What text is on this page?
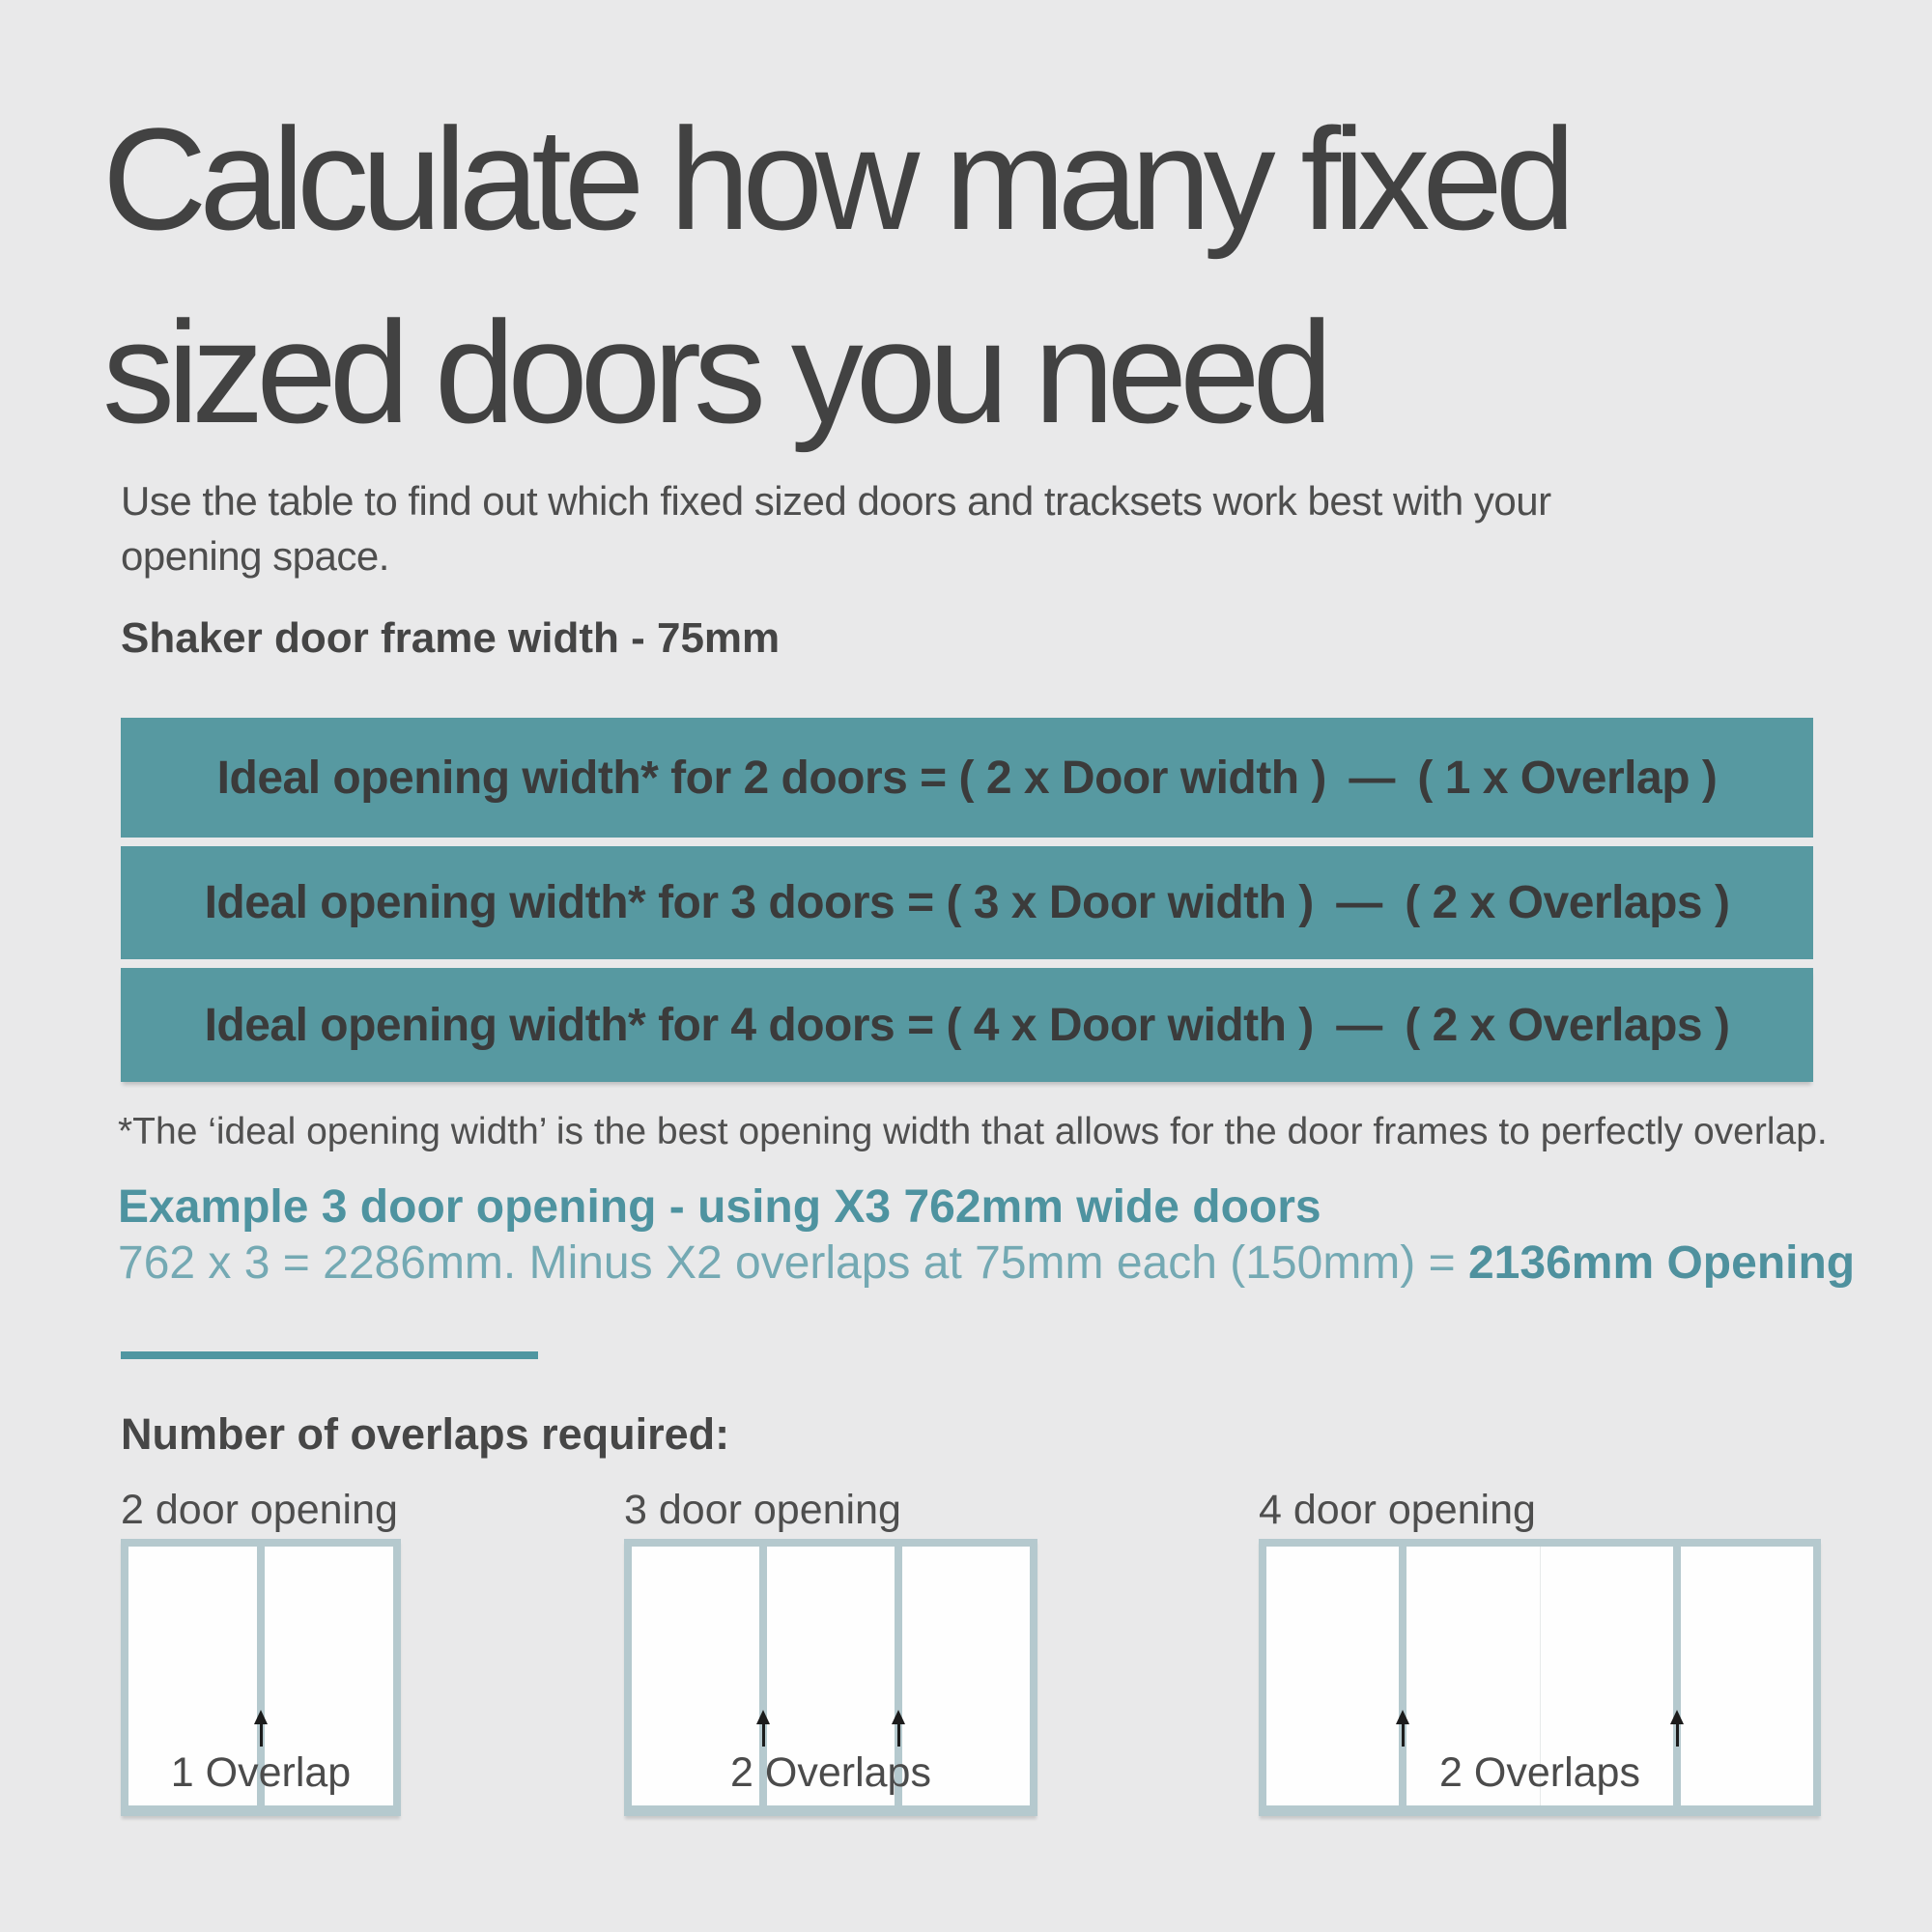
Calculate how many fixed
sized doors you need

Use the table to find out which fixed sized doors and tracksets work best with your
opening space.

Shaker door frame width - 75mm
Ideal opening width* for 2 doors = ( 2 x Door width ) — ( 1 x Overlap )
Ideal opening width* for 3 doors = ( 3 x Door width ) — ( 2 x Overlaps )
Ideal opening width* for 4 doors = ( 4 x Door width ) — ( 2 x Overlaps )

*The ‘ideal opening width’ is the best opening width that allows for the door frames to perfectly overlap.

Example 3 door opening - using X3 762mm wide doors

762 x 3 = 2286mm. Minus X2 overlaps at 75mm each (150mm) = 2136mm Opening

Number of overlaps required:
2 door opening
1 Overlap
3 door opening
2 Overlaps
4 door opening
2 Overlaps
